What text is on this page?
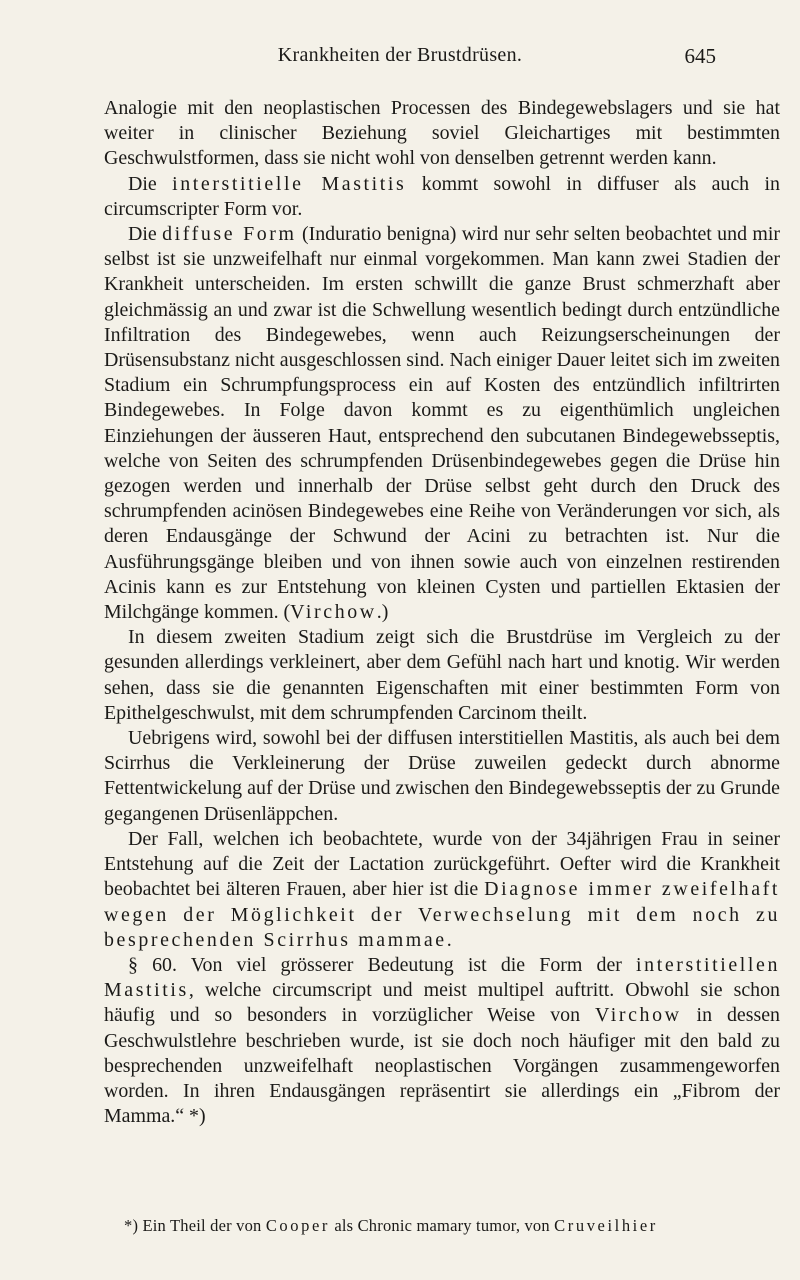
Krankheiten der Brustdrüsen.	645

Analogie mit den neoplastischen Processen des Bindegewebslagers und sie hat weiter in clinischer Beziehung soviel Gleichartiges mit bestimmten Geschwulstformen, dass sie nicht wohl von denselben getrennt werden kann.

Die interstitielle Mastitis kommt sowohl in diffuser als auch in circumscripter Form vor.

Die diffuse Form (Induratio benigna) wird nur sehr selten beobachtet und mir selbst ist sie unzweifelhaft nur einmal vorgekommen. Man kann zwei Stadien der Krankheit unterscheiden. Im ersten schwillt die ganze Brust schmerzhaft aber gleichmässig an und zwar ist die Schwellung wesentlich bedingt durch entzündliche Infiltration des Bindegewebes, wenn auch Reizungserscheinungen der Drüsensubstanz nicht ausgeschlossen sind. Nach einiger Dauer leitet sich im zweiten Stadium ein Schrumpfungsprocess ein auf Kosten des entzündlich infiltrirten Bindegewebes. In Folge davon kommt es zu eigenthümlich ungleichen Einziehungen der äusseren Haut, entsprechend den subcutanen Bindegewebsseptis, welche von Seiten des schrumpfenden Drüsenbindegewebes gegen die Drüse hin gezogen werden und innerhalb der Drüse selbst geht durch den Druck des schrumpfenden acinösen Bindegewebes eine Reihe von Veränderungen vor sich, als deren Endausgänge der Schwund der Acini zu betrachten ist. Nur die Ausführungsgänge bleiben und von ihnen sowie auch von einzelnen restirenden Acinis kann es zur Entstehung von kleinen Cysten und partiellen Ektasien der Milchgänge kommen. (Virchow.)

In diesem zweiten Stadium zeigt sich die Brustdrüse im Vergleich zu der gesunden allerdings verkleinert, aber dem Gefühl nach hart und knotig. Wir werden sehen, dass sie die genannten Eigenschaften mit einer bestimmten Form von Epithelgeschwulst, mit dem schrumpfenden Carcinom theilt.

Uebrigens wird, sowohl bei der diffusen interstitiellen Mastitis, als auch bei dem Scirrhus die Verkleinerung der Drüse zuweilen gedeckt durch abnorme Fettentwickelung auf der Drüse und zwischen den Bindegewebsseptis der zu Grunde gegangenen Drüsenläppchen.

Der Fall, welchen ich beobachtete, wurde von der 34jährigen Frau in seiner Entstehung auf die Zeit der Lactation zurückgeführt. Oefter wird die Krankheit beobachtet bei älteren Frauen, aber hier ist die Diagnose immer zweifelhaft wegen der Möglichkeit der Verwechselung mit dem noch zu besprechenden Scirrhus mammae.

§ 60. Von viel grösserer Bedeutung ist die Form der interstitiellen Mastitis, welche circumscript und meist multipel auftritt. Obwohl sie schon häufig und so besonders in vorzüglicher Weise von Virchow in dessen Geschwulstlehre beschrieben wurde, ist sie doch noch häufiger mit den bald zu besprechenden unzweifelhaft neoplastischen Vorgängen zusammengeworfen worden. In ihren Endausgängen repräsentirt sie allerdings ein „Fibrom der Mamma.“ *)

*) Ein Theil der von Cooper als Chronic mamary tumor, von Cruveilhier
